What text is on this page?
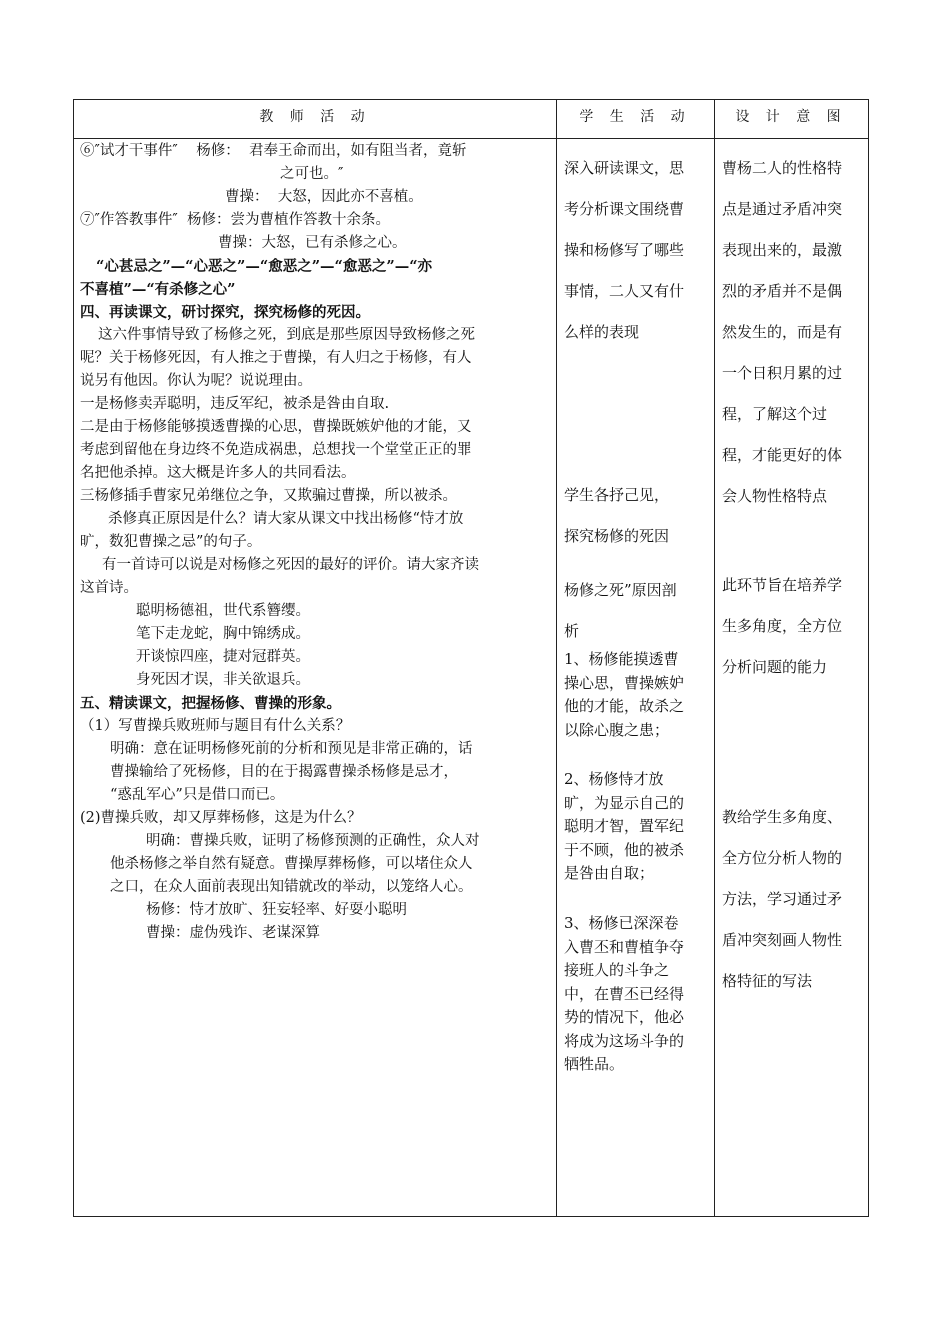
教 师 活 动	学 生 活 动	设 计 意 图
⑥″试才干事件″    杨修：  君奉王命而出，如有阻当者，竟斩
之可也。″
曹操：  大怒，因此亦不喜植。
⑦″作答教事件″  杨修：尝为曹植作答教十余条。
曹操：大怒，已有杀修之心。
“心甚忌之”—“心恶之”—“愈恶之”—“愈恶之”—“亦
不喜植”—“有杀修之心”
四、再读课文，研讨探究，探究杨修的死因。
这六件事情导致了杨修之死，到底是那些原因导致杨修之死
呢？关于杨修死因，有人推之于曹操，有人归之于杨修，有人
说另有他因。你认为呢？说说理由。
一是杨修卖弄聪明，违反军纪，被杀是咎由自取.
二是由于杨修能够摸透曹操的心思，曹操既嫉妒他的才能，又
考虑到留他在身边终不免造成祸患，总想找一个堂堂正正的罪
名把他杀掉。这大概是许多人的共同看法。
三杨修插手曹家兄弟继位之争，又欺骗过曹操，所以被杀。
杀修真正原因是什么？请大家从课文中找出杨修“恃才放
旷，数犯曹操之忌”的句子。
有一首诗可以说是对杨修之死因的最好的评价。请大家齐读
这首诗。
聪明杨德祖，世代系簪缨。
笔下走龙蛇，胸中锦绣成。
开谈惊四座，捷对冠群英。
身死因才误，非关欲退兵。
五、精读课文，把握杨修、曹操的形象。
（1）写曹操兵败班师与题目有什么关系？
明确：意在证明杨修死前的分析和预见是非常正确的，话
曹操输给了死杨修，目的在于揭露曹操杀杨修是忌才，
“惑乱军心”只是借口而已。
(2)曹操兵败，却又厚葬杨修，这是为什么？
明确：曹操兵败，证明了杨修预测的正确性，众人对
他杀杨修之举自然有疑意。曹操厚葬杨修，可以堵住众人
之口，在众人面前表现出知错就改的举动，以笼络人心。
杨修：恃才放旷、狂妄轻率、好耍小聪明
曹操：虚伪残诈、老谋深算
深入研读课文，思
考分析课文围绕曹
操和杨修写了哪些
事情，二人又有什
么样的表现
学生各抒己见，
探究杨修的死因
杨修之死”原因剖
析
1、杨修能摸透曹
操心思，曹操嫉妒
他的才能，故杀之
以除心腹之患；
2、杨修恃才放
旷，为显示自己的
聪明才智，置军纪
于不顾，他的被杀
是咎由自取；
3、杨修已深深卷
入曹丕和曹植争夺
接班人的斗争之
中，在曹丕已经得
势的情况下，他必
将成为这场斗争的
牺牲品。
曹杨二人的性格特
点是通过矛盾冲突
表现出来的，最激
烈的矛盾并不是偶
然发生的，而是有
一个日积月累的过
程，了解这个过
程，才能更好的体
会人物性格特点
此环节旨在培养学
生多角度，全方位
分析问题的能力
教给学生多角度、
全方位分析人物的
方法，学习通过矛
盾冲突刻画人物性
格特征的写法
